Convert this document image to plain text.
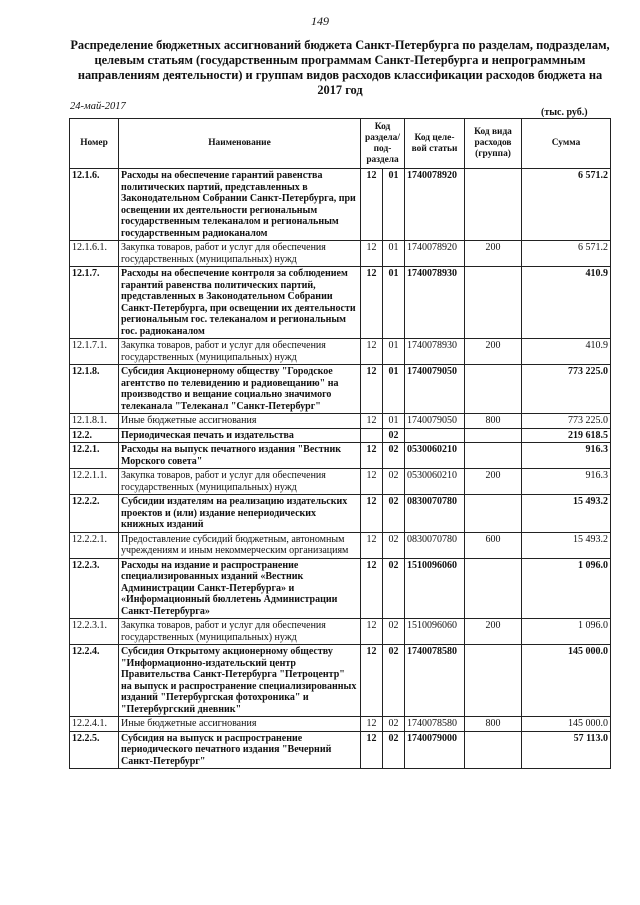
149
Распределение бюджетных ассигнований бюджета Санкт-Петербурга по разделам, подразделам, целевым статьям (государственным программам Санкт-Петербурга и непрограммным направлениям деятельности) и группам видов расходов классификации расходов бюджета на 2017 год
24-май-2017
(тыс. руб.)
Номер	Наименование	Код раздела/ под-раздела		Код целе-вой статьи	Код вида расходов (группа)	Сумма
12.1.6.	Расходы на обеспечение гарантий равенства политических партий, представленных в Законодательном Собрании Санкт-Петербурга, при освещении их деятельности региональным государственным телеканалом и региональным государственным радиоканалом	12	01	1740078920		6 571.2
12.1.6.1.	Закупка товаров, работ и услуг для обеспечения государственных (муниципальных) нужд	12	01	1740078920	200	6 571.2
12.1.7.	Расходы на обеспечение контроля за соблюдением гарантий равенства политических партий, представленных в Законодательном Собрании Санкт-Петербурга, при освещении их деятельности региональным гос. телеканалом и региональным гос. радиоканалом	12	01	1740078930		410.9
12.1.7.1.	Закупка товаров, работ и услуг для обеспечения государственных (муниципальных) нужд	12	01	1740078930	200	410.9
12.1.8.	Субсидия Акционерному обществу "Городское агентство по телевидению и радиовещанию" на производство и вещание социально значимого телеканала "Телеканал "Санкт-Петербург"	12	01	1740079050		773 225.0
12.1.8.1.	Иные бюджетные ассигнования	12	01	1740079050	800	773 225.0
12.2.	Периодическая печать и издательства		02			219 618.5
12.2.1.	Расходы на выпуск печатного издания "Вестник Морского совета"	12	02	0530060210		916.3
12.2.1.1.	Закупка товаров, работ и услуг для обеспечения государственных (муниципальных) нужд	12	02	0530060210	200	916.3
12.2.2.	Субсидии издателям на реализацию издательских проектов и (или) издание непериодических книжных изданий	12	02	0830070780		15 493.2
12.2.2.1.	Предоставление субсидий бюджетным, автономным учреждениям и иным некоммерческим организациям	12	02	0830070780	600	15 493.2
12.2.3.	Расходы на издание и распространение специализированных изданий «Вестник Администрации Санкт-Петербурга» и «Информационный бюллетень Администрации Санкт-Петербурга»	12	02	1510096060		1 096.0
12.2.3.1.	Закупка товаров, работ и услуг для обеспечения государственных (муниципальных) нужд	12	02	1510096060	200	1 096.0
12.2.4.	Субсидия Открытому акционерному обществу "Информационно-издательский центр Правительства Санкт-Петербурга "Петроцентр" на выпуск и распространение специализированных изданий "Петербургская фотохроника" и "Петербургский дневник"	12	02	1740078580		145 000.0
12.2.4.1.	Иные бюджетные ассигнования	12	02	1740078580	800	145 000.0
12.2.5.	Субсидия на выпуск и распространение периодического печатного издания "Вечерний Санкт-Петербург"	12	02	1740079000		57 113.0
